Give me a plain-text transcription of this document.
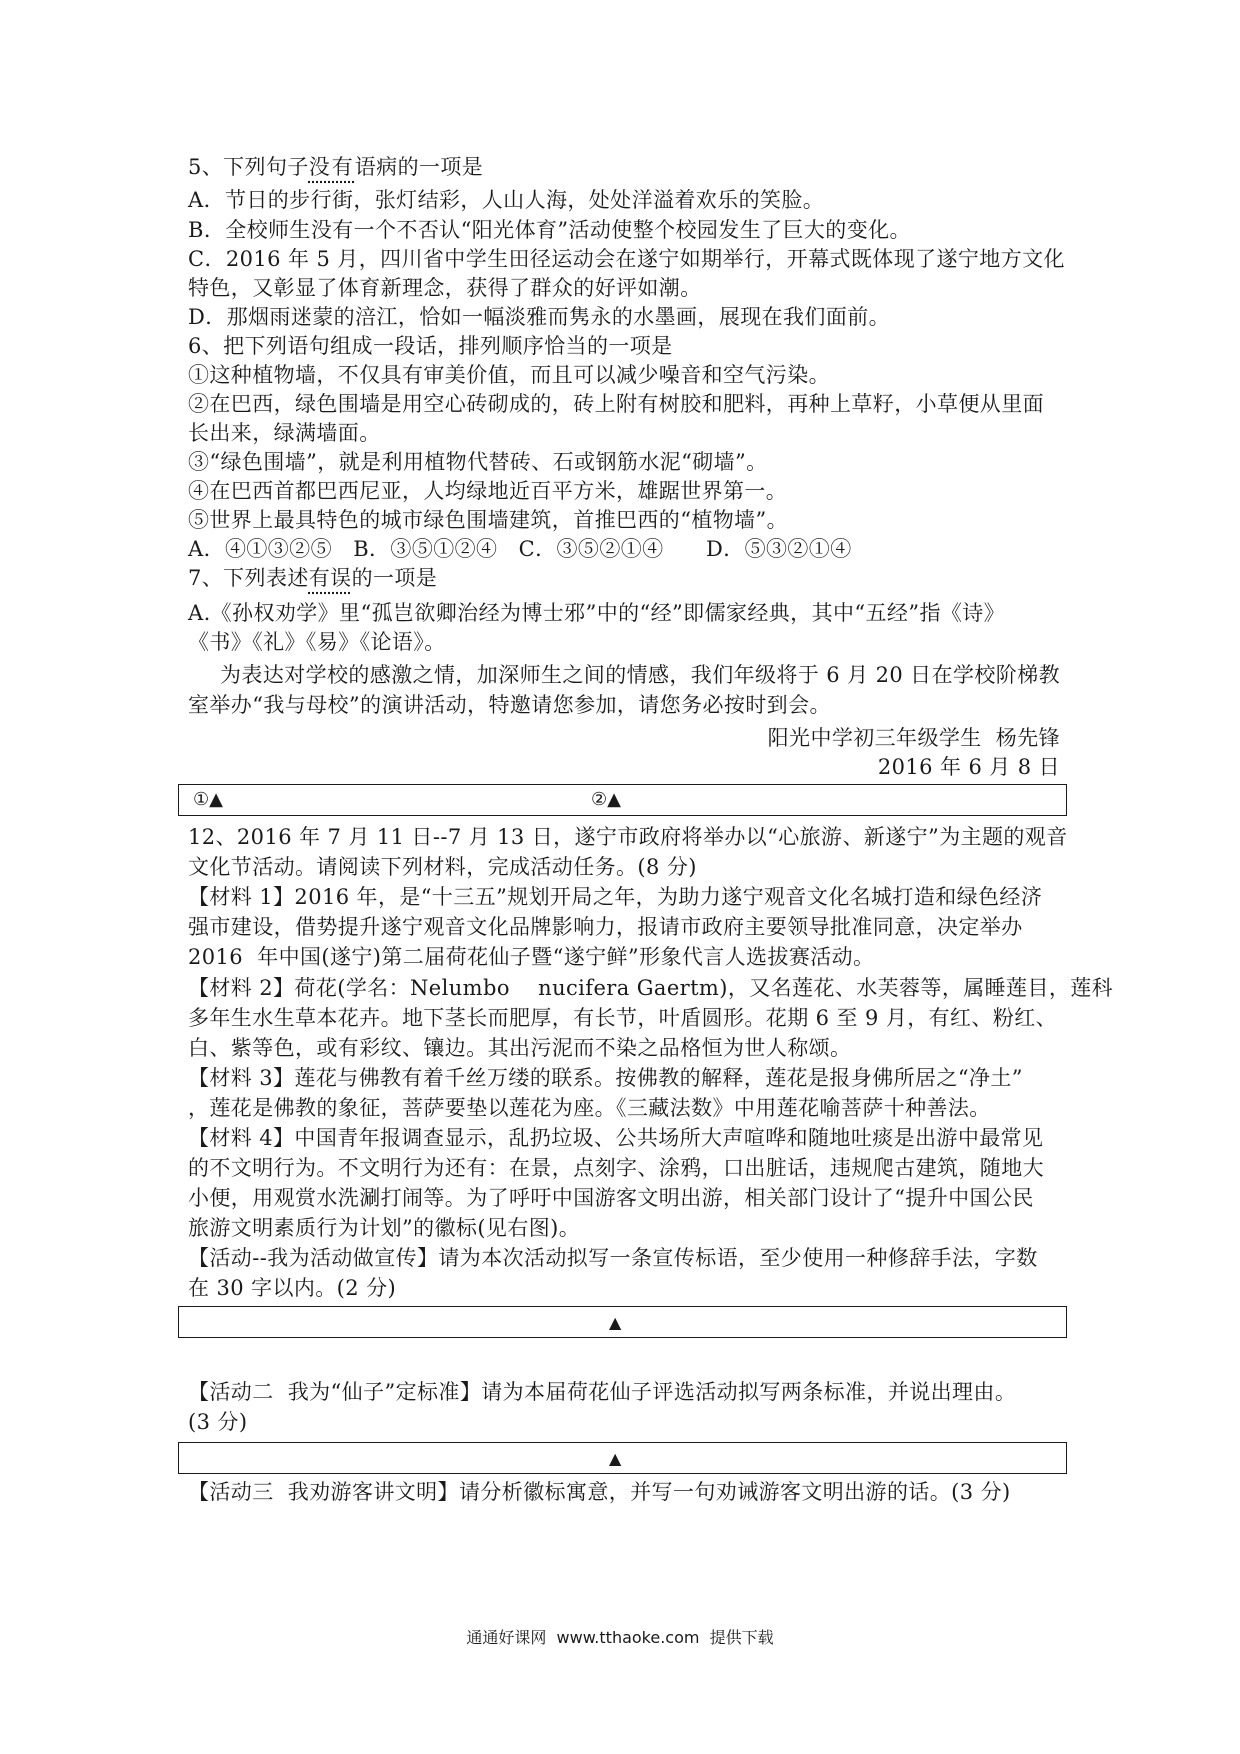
5、下列句子没有语病的一项是
A．节日的步行街，张灯结彩，人山人海，处处洋溢着欢乐的笑脸。
B．全校师生没有一个不否认“阳光体育”活动使整个校园发生了巨大的变化。
C．2016 年 5 月，四川省中学生田径运动会在遂宁如期举行，开幕式既体现了遂宁地方文化
特色，又彰显了体育新理念，获得了群众的好评如潮。
D．那烟雨迷蒙的涪江，恰如一幅淡雅而隽永的水墨画，展现在我们面前。
6、把下列语句组成一段话，排列顺序恰当的一项是
①这种植物墙，不仅具有审美价值，而且可以减少噪音和空气污染。
②在巴西，绿色围墙是用空心砖砌成的，砖上附有树胶和肥料，再种上草籽，小草便从里面
长出来，绿满墙面。
③“绿色围墙”，就是利用植物代替砖、石或钢筋水泥“砌墙”。
④在巴西首都巴西尼亚，人均绿地近百平方米，雄踞世界第一。
⑤世界上最具特色的城市绿色围墙建筑，首推巴西的“植物墙”。
A．④①③②⑤   B．③⑤①②④   C．③⑤②①④      D．⑤③②①④
7、下列表述有误的一项是
A.《孙权劝学》里“孤岂欲卿治经为博士邪”中的“经”即儒家经典，其中“五经”指《诗》
《书》《礼》《易》《论语》。
为表达对学校的感激之情，加深师生之间的情感，我们年级将于 6 月 20 日在学校阶梯教
室举办“我与母校”的演讲活动，特邀请您参加，请您务必按时到会。
阳光中学初三年级学生  杨先锋
2016 年 6 月 8 日
①▲	②▲
12、2016 年 7 月 11 日--7 月 13 日，遂宁市政府将举办以“心旅游、新遂宁”为主题的观音
文化节活动。请阅读下列材料，完成活动任务。(8 分)
【材料 1】2016 年，是“十三五”规划开局之年，为助力遂宁观音文化名城打造和绿色经济
强市建设，借势提升遂宁观音文化品牌影响力，报请市政府主要领导批准同意，决定举办
2016  年中国(遂宁)第二届荷花仙子暨“遂宁鲜”形象代言人选拔赛活动。
【材料 2】荷花(学名：Nelumbo    nucifera Gaertm)，又名莲花、水芙蓉等，属睡莲目，莲科
多年生水生草本花卉。地下茎长而肥厚，有长节，叶盾圆形。花期 6 至 9 月，有红、粉红、
白、紫等色，或有彩纹、镶边。其出污泥而不染之品格恒为世人称颂。
【材料 3】莲花与佛教有着千丝万缕的联系。按佛教的解释，莲花是报身佛所居之“净土”
，莲花是佛教的象征，菩萨要垫以莲花为座。《三藏法数》中用莲花喻菩萨十种善法。
【材料 4】中国青年报调查显示，乱扔垃圾、公共场所大声喧哗和随地吐痰是出游中最常见
的不文明行为。不文明行为还有：在景，点刻字、涂鸦，口出脏话，违规爬古建筑，随地大
小便，用观赏水洗涮打闹等。为了呼吁中国游客文明出游，相关部门设计了“提升中国公民
旅游文明素质行为计划”的徽标(见右图)。
【活动--我为活动做宣传】请为本次活动拟写一条宣传标语，至少使用一种修辞手法，字数
在 30 字以内。(2 分)
▲
【活动二  我为“仙子”定标准】请为本届荷花仙子评选活动拟写两条标准，并说出理由。
(3 分)
▲
【活动三  我劝游客讲文明】请分析徽标寓意，并写一句劝诫游客文明出游的话。(3 分)
通通好课网  www.tthaoke.com  提供下载
